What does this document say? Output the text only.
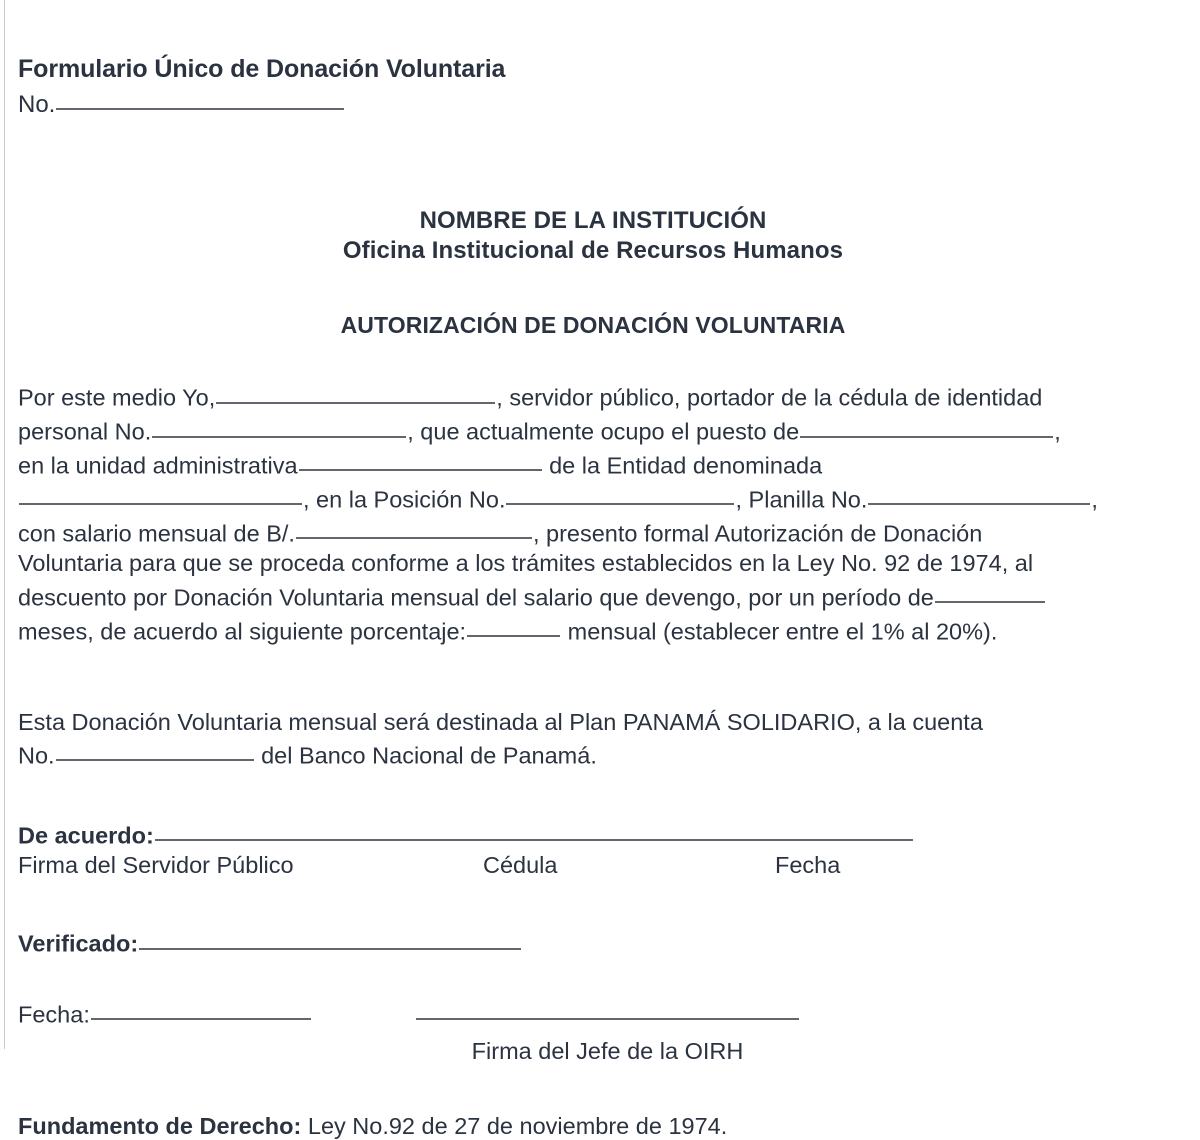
Formulario Único de Donación Voluntaria
No.
NOMBRE DE LA INSTITUCIÓN
Oficina Institucional de Recursos Humanos
AUTORIZACIÓN DE DONACIÓN VOLUNTARIA
Por este medio Yo,	, servidor público, portador de la cédula de identidad
personal No.	, que actualmente ocupo el puesto de	,
en la unidad administrativa	de la Entidad denominada
, en la Posición No.	, Planilla No.	,
con salario mensual de B/.	, presento formal Autorización de Donación
Voluntaria para que se proceda conforme a los trámites establecidos en la Ley No. 92 de 1974, al
descuento por Donación Voluntaria mensual del salario que devengo, por un período de
meses, de acuerdo al siguiente porcentaje:	mensual (establecer entre el 1% al 20%).
Esta Donación Voluntaria mensual será destinada al Plan PANAMÁ SOLIDARIO, a la cuenta
No.	del Banco Nacional de Panamá.
De acuerdo:
Firma del Servidor Público	Cédula	Fecha
Verificado:
Fecha:
Firma del Jefe de la OIRH
Fundamento de Derecho: Ley No.92 de 27 de noviembre de 1974.
